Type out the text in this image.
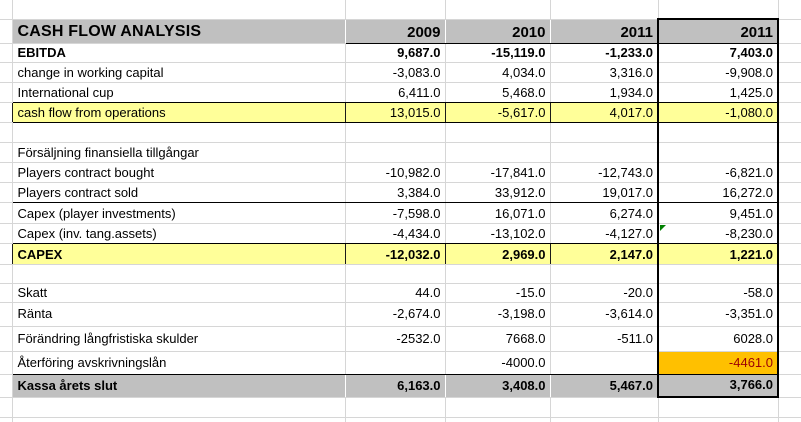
	CASH FLOW ANALYSIS	2009	2010	2011	2011	
	EBITDA	9,687.0	-15,119.0	-1,233.0	7,403.0	
	change in working capital	-3,083.0	4,034.0	3,316.0	-9,908.0	
	International cup	6,411.0	5,468.0	1,934.0	1,425.0	
	cash flow from operations	13,015.0	-5,617.0	4,017.0	-1,080.0	

	Försäljning finansiella tillgångar					
	Players contract bought	-10,982.0	-17,841.0	-12,743.0	-6,821.0	
	Players contract sold	3,384.0	33,912.0	19,017.0	16,272.0	
	Capex (player investments)	-7,598.0	16,071.0	6,274.0	9,451.0	
	Capex (inv. tang.assets)	-4,434.0	-13,102.0	-4,127.0	-8,230.0	
	CAPEX	-12,032.0	2,969.0	2,147.0	1,221.0	

	Skatt	44.0	-15.0	-20.0	-58.0	
	Ränta	-2,674.0	-3,198.0	-3,614.0	-3,351.0	
	Förändring långfristiska skulder	-2532.0	7668.0	-511.0	6028.0	
	Återföring avskrivningslån		-4000.0		-4461.0	
	Kassa årets slut	6,163.0	3,408.0	5,467.0	3,766.0	
